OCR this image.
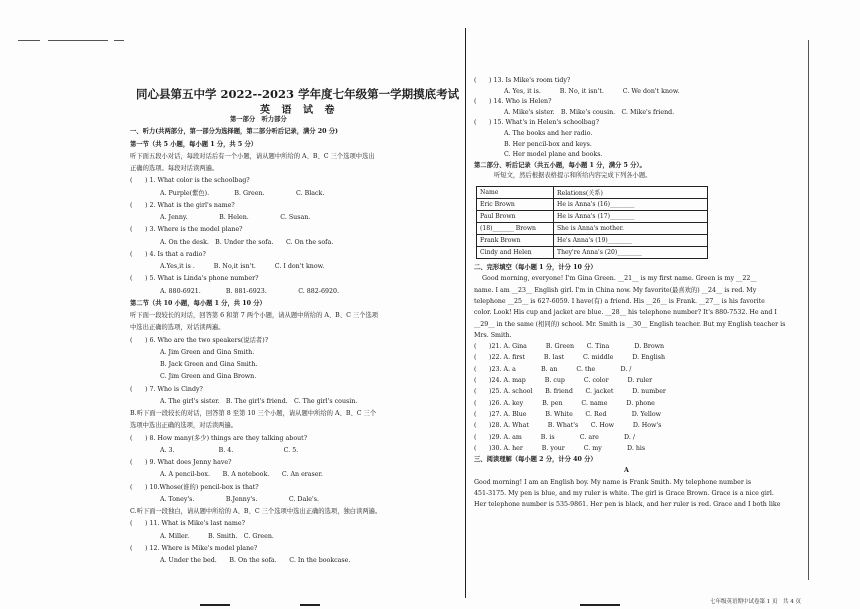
同心县第五中学 2022--2023 学年度七年级第一学期摸底考试
英 语 试 卷
第一部分　听力部分
一、听力(共两部分，第一部分为选择题，第二部分听后记录，满分 20 分)
第一节（共 5 小题，每小题 1 分，共 5 分）
听下面五段小对话，每段对话后有一个小题，请从题中所给的 A、B、C 三个选项中选出
正确的选项。每段对话读两遍。
(　　) 1. What color is the schoolbag?
A. Purple(紫色).　　　　B. Green.　　　　　C. Black.
(　　) 2. What is the girl's name?
A. Jenny.　　　　　B. Helen.　　　　　C. Susan.
(　　) 3. Where is the model plane?
A. On the desk.　B. Under the sofa.　　C. On the sofa.
(　　) 4. Is that a radio?
A.Yes,it is .　　　B. No,it isn't.　　　C. I don't know.
(　　) 5. What is Linda's phone number?
A. 880-6921.　　　　B. 881-6923.　　　　　C. 882-6920.
第二节（共 10 小题，每小题 1 分，共 10 分）
听下面一段较长的对话，回答第 6 和第 7 两个小题，请从题中所给的 A、B、C 三个选项
中选出正确的选项，对话读两遍。
(　　) 6. Who are the two speakers(说话者)?
A. Jim Green and Gina Smith.
B. Jack Green and Gina Smith.
C. Jim Green and Gina Brown.
(　　) 7. Who is Cindy?
A. The girl's sister.　B. The girl's friend.　C. The girl's cousin.
B.听下面一段较长的对话，回答第 8 至第 10 三个小题，请从题中所给的 A、B、C 三个
选项中选出正确的选项，对话读两遍。
(　　) 8. How many(多少) things are they talking about?
A. 3.　　　　　　　B. 4.　　　　　　　　C. 5.
(　　) 9. What does Jenny have?
A. A pencil-box.　　B. A notebook.　　C. An eraser.
(　　) 10.Whose(谁的) pencil-box is that?
A. Toney's.　　　　　B.Jenny's.　　　　　C. Dale's.
C.听下面一段独白，请从题中所给的 A、B、C 三个选项中选出正确的选项，独白读两遍。
(　　) 11. What is Mike's last name?
A. Miller.　　　B. Smith.　C. Green.
(　　) 12. Where is Mike's model plane?
A. Under the bed.　　B. On the sofa.　　C. In the bookcase.
(　　) 13. Is Mike's room tidy?
A. Yes, it is.　　　B. No, it isn't.　　　C. We don't know.
(　　) 14. Who is Helen?
A. Mike's sister.　B. Mike's cousin.　C. Mike's friend.
(　　) 15. What's in Helen's schoolbag?
A. The books and her radio.
B. Her pencil-box and keys.
C. Her model plane and books.
第二部分、听后记录（共五小题，每小题 1 分，满分 5 分）。
听短文，然后根据表格提示和所给内容完成下列各小题。
二、完形填空（每小题 1 分，计分 10 分）
Good morning, everyone! I'm Gina Green. __21__ is my first name. Green is my __22__
name. I am __23__ English girl. I'm in China now. My favorite(最喜欢的) __24__ is red. My
telephone __25__ is 627-6059. I have(有) a friend. His __26__ is Frank. __27__ is his favorite
color. Look! His cup and jacket are blue. __28__ his telephone number? It's 880-7532. He and I
__29__ in the same (相同的) school. Mr. Smith is __30__ English teacher. But my English teacher is
Mrs. Smith.
(　　)21. A. Gina　　　B. Green　　C. Tina　　　　D. Brown
(　　)22. A. first　　　B. last　　　C. middle　　　D. English
(　　)23. A. a　　　　B. an　　　C. the　　　　D. /
(　　)24. A. map　　　B. cup　　　C. color　　　D. ruler
(　　)25. A. school　　B. friend　　C. jacket　　　D. number
(　　)26. A. key　　　B. pen　　　C. name　　　D. phone
(　　)27. A. Blue　　　B. White　　C. Red　　　　D. Yellow
(　　)28. A. What　　　B. What's　　C. How　　　D. How's
(　　)29. A. am　　　B. is　　　　C. are　　　　D. /
(　　)30. A. her　　　B. your　　　C. my　　　　D. his
三、阅读理解（每小题 2 分，计分 40 分）
A
Good morning! I am an English boy. My name is Frank Smith. My telephone number is
451-3175. My pen is blue, and my ruler is white. The girl is Grace Brown. Grace is a nice girl.
Her telephone number is 535-9861. Her pen is black, and her ruler is red. Grace and I both like
Name	Relations(关系)
Eric Brown	He is Anna's (16)________
Paul Brown	He is Anna's (17)________
(18)_______ Brown	She is Anna's mother.
Frank Brown	He's Anna's (19)________
Cindy and Helen	They're Anna's (20)________
七年级英语期中试卷第 1 页　共 4 页
